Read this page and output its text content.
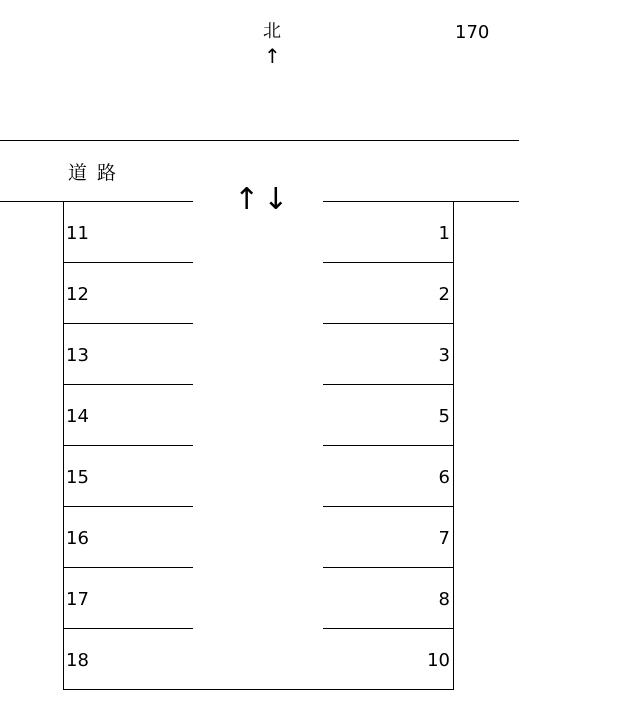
北
↑
170
道路
↑↓
11
12
13
14
15
16
17
18
1
2
3
5
6
7
8
10
